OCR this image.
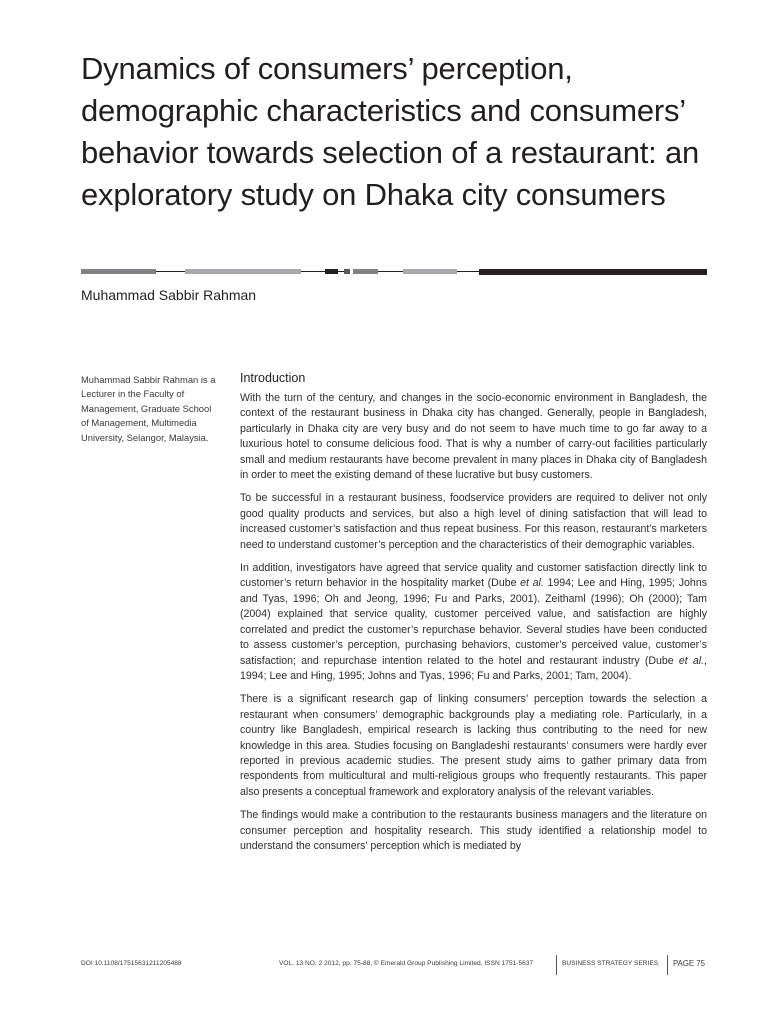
Dynamics of consumers’ perception, demographic characteristics and consumers’ behavior towards selection of a restaurant: an exploratory study on Dhaka city consumers

Muhammad Sabbir Rahman

Muhammad Sabbir Rahman is a Lecturer in the Faculty of Management, Graduate School of Management, Multimedia University, Selangor, Malaysia.

Introduction

With the turn of the century, and changes in the socio-economic environment in Bangladesh, the context of the restaurant business in Dhaka city has changed. Generally, people in Bangladesh, particularly in Dhaka city are very busy and do not seem to have much time to go far away to a luxurious hotel to consume delicious food. That is why a number of carry-out facilities particularly small and medium restaurants have become prevalent in many places in Dhaka city of Bangladesh in order to meet the existing demand of these lucrative but busy customers.

To be successful in a restaurant business, foodservice providers are required to deliver not only good quality products and services, but also a high level of dining satisfaction that will lead to increased customer’s satisfaction and thus repeat business. For this reason, restaurant’s marketers need to understand customer’s perception and the characteristics of their demographic variables.

In addition, investigators have agreed that service quality and customer satisfaction directly link to customer’s return behavior in the hospitality market (Dube et al. 1994; Lee and Hing, 1995; Johns and Tyas, 1996; Oh and Jeong, 1996; Fu and Parks, 2001). Zeithaml (1996); Oh (2000); Tam (2004) explained that service quality, customer perceived value, and satisfaction are highly correlated and predict the customer’s repurchase behavior. Several studies have been conducted to assess customer’s perception, purchasing behaviors, customer’s perceived value, customer’s satisfaction; and repurchase intention related to the hotel and restaurant industry (Dube et al., 1994; Lee and Hing, 1995; Johns and Tyas, 1996; Fu and Parks, 2001; Tam, 2004).

There is a significant research gap of linking consumers’ perception towards the selection a restaurant when consumers’ demographic backgrounds play a mediating role. Particularly, in a country like Bangladesh, empirical research is lacking thus contributing to the need for new knowledge in this area. Studies focusing on Bangladeshi restaurants’ consumers were hardly ever reported in previous academic studies. The present study aims to gather primary data from respondents from multicultural and multi-religious groups who frequently restaurants. This paper also presents a conceptual framework and exploratory analysis of the relevant variables.

The findings would make a contribution to the restaurants business managers and the literature on consumer perception and hospitality research. This study identified a relationship model to understand the consumers’ perception which is mediated by

DOI 10.1108/17515631211205488	VOL. 13 NO. 2 2012, pp. 75-88, © Emerald Group Publishing Limited, ISSN 1751-5637	BUSINESS STRATEGY SERIES PAGE 75
